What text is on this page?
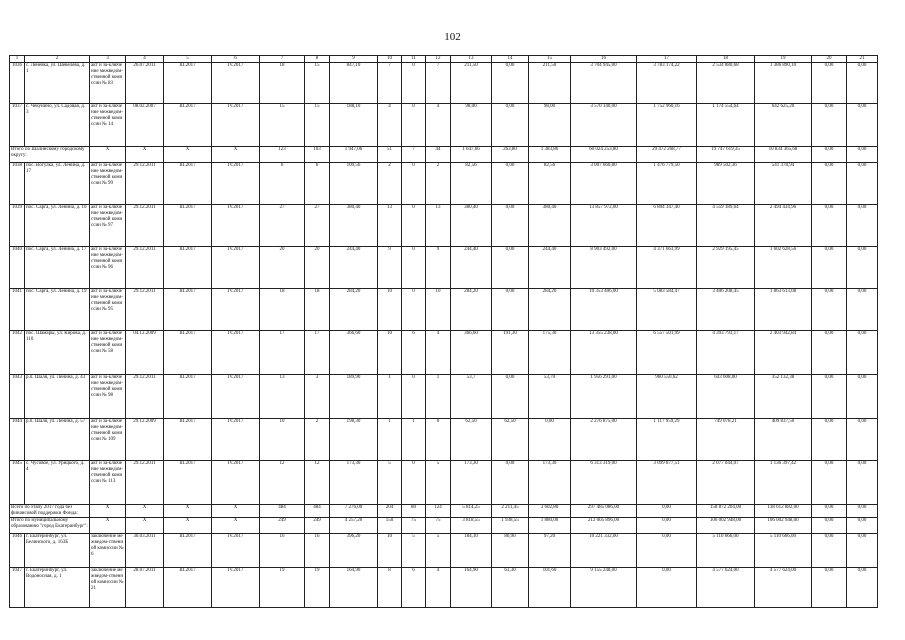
102
1	2	3	4	5	6	7	8	9	10	11	12	13	14	15	16	17	18	19	20	21
1036	с. Леневка, ул. Шевелева, д. 1	акт и за-ключение межведом-ственной комиссии № 83	26.07.2011	III.2017	IV.2017	18	15	847,10	7	0	7	211,50	0,00	211,50	3 704 945,00	3 783 174,22	2 534 880,68	1 386 890,10	0,00	0,00
1037	с. Чекунино, ул. Садовая, д. 3	акт и за-ключение межведом-ственной комиссии № 14	08.02.2007	III.2017	IV.2017	15	15	188,10	4	0	4	98,00	0,00	98,00	3 570 140,00	1 752 960,16	1 174 554,64	642 625,20	0,00	0,00
Итого по Шалинскому городскому округу:		X	X	X	X	123	103	1 947,06	51	7	44	1 647,66	263,80	1 383,86	60 024 253,80	29 472 268,77	19 747 619,35	10 834 365,68	0,00	0,00
1038	пос. Вогулка, ул. Ленина, д. 17	акт и за-ключение межведом-ственной комиссии № 99	29.12.2011	III.2017	IV.2017	6	6	109,56	2	0	2	82,56	0,00	82,56	3 007 660,80	1 476 779,50	989 502,36	541 378,94	0,00	0,00
1039	пос. Сарга, ул. Ленина, д. 10	акт и за-ключение межведом-ственной комиссии № 97	29.12.2011	III.2017	IV.2017	27	27	380,40	13	0	13	380,40	0,00	380,40	13 857 972,00	6 804 347,40	4 559 189,64	2 494 434,96	0,00	0,00
1040	пос. Сарга, ул. Ленина, д. 17	акт и за-ключение межведом-ственной комиссии № 96	29.12.2011	III.2017	IV.2017	20	20	244,40	9	0	9	244,40	0,00	244,40	8 903 492,00	4 371 663,99	2 929 195,45	1 602 628,56	0,00	0,00
1041	пос. Сарга, ул. Ленина, д. 19	акт и за-ключение межведом-ственной комиссии № 95	29.12.2011	III.2017	IV.2017	18	18	284,20	10	0	10	284,20	0,00	284,20	10 353 406,00	5 083 584,47	3 406 208,45	1 863 613,08	0,00	0,00
1042	пос. Шамары, ул. Кирова, д. 110	акт и за-ключение межведом-ственной комиссии № 58	04.12.2009	III.2017	IV.2017	17	17	366,60	10	6	4	366,60	191,30	175,30	13 355 238,00	6 557 501,99	4 393 793,17	2 403 942,84	0,00	0,00
1043	р.п. Шаля, ул. Ленина, д. 43	акт и за-ключение межведом-ственной комиссии № 98	29.12.2011	III.2017	IV.2017	13	3	189,90	1	0	1	53,7	0,00	53,70	1 956 291,00	960 550,62	643 608,00	352 132,38	0,00	0,00
1044	р.п. Шаля, ул. Ленина, д. 57	акт и за-ключение межведом-ственной комиссии № 109	29.12.2009	III.2017	IV.2017	10	2	198,30	1	1	0	62,50	62,50	0,00	2 276 875,00	1 117 959,29	749 078,21	409 837,50	0,00	0,00
1045	с. Чусовое, ул. Урицкого, д. 4	акт и за-ключение межведом-ственной комиссии № 113	29.12.2011	III.2017	IV.2017	12	12	173,30	5	0	5	173,30	0,00	173,30	6 313 319,00	3 099 877,51	2 077 044,07	1 136 397,42	0,00	0,00
Всего по этапу 2017 года без финансовой поддержки Фонда:		X	X	X	X	484	484	7 276,00	204	80	124	5 814,25	2 211,45	3 602,80	297 485 086,00	0,00	158 872 204,00	138 612 882,00	0,00	0,00
Итого по муниципальному образованию "город Екатеринбург":		X	X	X	X	249	249	4 257,20	150	75	75	3 818,55	1 938,55	1 880,00	212 005 896,00	0,00	106 002 948,00	106 002 948,00	0,00	0,00
1046	г. Екатеринбург, ул. Белинского, д. 163Б	заключение межведом-ственной комиссии № 6	30.03.2011	III.2017	IV.2017	16	16	396,20	10	5	5	184,10	86,90	97,20	10 221 332,00	0,00	5 110 666,00	5 110 666,00	0,00	0,00
1047	г. Екатеринбург, ул. Водоносная, д. 1	заключение межведом-ственной комиссии № 21	28.07.2011	III.2017	IV.2017	19	19	164,90	8	6	4	164,90	63,30	101,60	9 155 248,00	0,00	4 577 624,00	4 577 624,00	0,00	0,00
